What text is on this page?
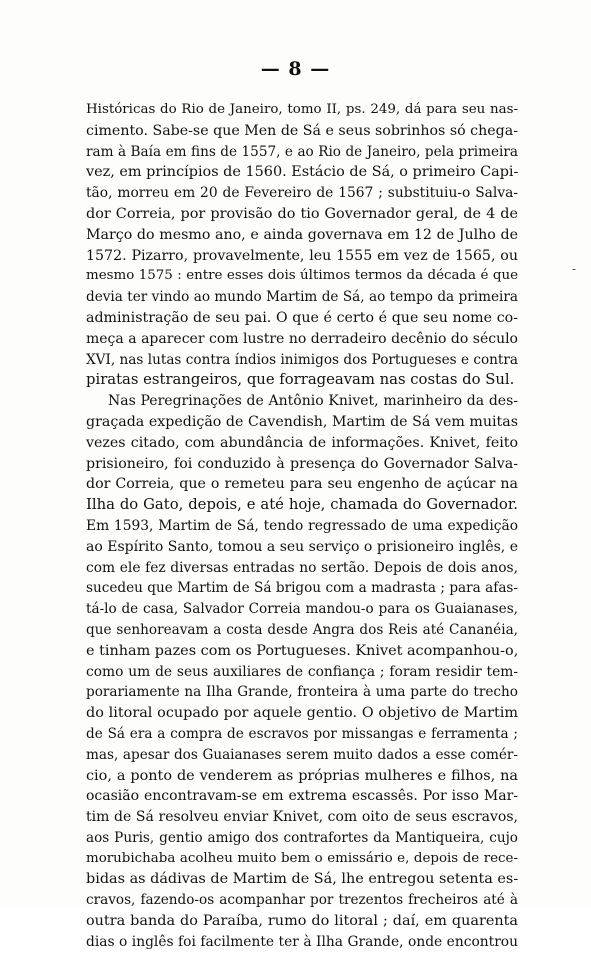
— 8 —
Históricas do Rio de Janeiro, tomo II, ps. 249, dá para seu nas-
cimento. Sabe-se que Men de Sá e seus sobrinhos só chega-
ram à Baía em fins de 1557, e ao Rio de Janeiro, pela primeira
vez, em princípios de 1560. Estácio de Sá, o primeiro Capi-
tão, morreu em 20 de Fevereiro de 1567 ; substituiu-o Salva-
dor Correia, por provisão do tio Governador geral, de 4 de
Março do mesmo ano, e ainda governava em 12 de Julho de
1572. Pizarro, provavelmente, leu 1555 em vez de 1565, ou
mesmo 1575 : entre esses dois últimos termos da década é que
devia ter vindo ao mundo Martim de Sá, ao tempo da primeira
administração de seu pai. O que é certo é que seu nome co-
meça a aparecer com lustre no derradeiro decênio do século
XVI, nas lutas contra índios inimigos dos Portugueses e contra
piratas estrangeiros, que forrageavam nas costas do Sul.
Nas Peregrinações de Antônio Knivet, marinheiro da des-
graçada expedição de Cavendish, Martim de Sá vem muitas
vezes citado, com abundância de informações. Knivet, feito
prisioneiro, foi conduzido à presença do Governador Salva-
dor Correia, que o remeteu para seu engenho de açúcar na
Ilha do Gato, depois, e até hoje, chamada do Governador.
Em 1593, Martim de Sá, tendo regressado de uma expedição
ao Espírito Santo, tomou a seu serviço o prisioneiro inglês, e
com ele fez diversas entradas no sertão. Depois de dois anos,
sucedeu que Martim de Sá brigou com a madrasta ; para afas-
tá-lo de casa, Salvador Correia mandou-o para os Guaianases,
que senhoreavam a costa desde Angra dos Reis até Cananéia,
e tinham pazes com os Portugueses. Knivet acompanhou-o,
como um de seus auxiliares de confiança ; foram residir tem-
porariamente na Ilha Grande, fronteira à uma parte do trecho
do litoral ocupado por aquele gentio. O objetivo de Martim
de Sá era a compra de escravos por missangas e ferramenta ;
mas, apesar dos Guaianases serem muito dados a esse comér-
cio, a ponto de venderem as próprias mulheres e filhos, na
ocasião encontravam-se em extrema escassês. Por isso Mar-
tim de Sá resolveu enviar Knivet, com oito de seus escravos,
aos Puris, gentio amigo dos contrafortes da Mantiqueira, cujo
morubichaba acolheu muito bem o emissário e, depois de rece-
bidas as dádivas de Martim de Sá, lhe entregou setenta es-
cravos, fazendo-os acompanhar por trezentos frecheiros até à
outra banda do Paraíba, rumo do litoral ; daí, em quarenta
dias o inglês foi facilmente ter à Ilha Grande, onde encontrou
-
